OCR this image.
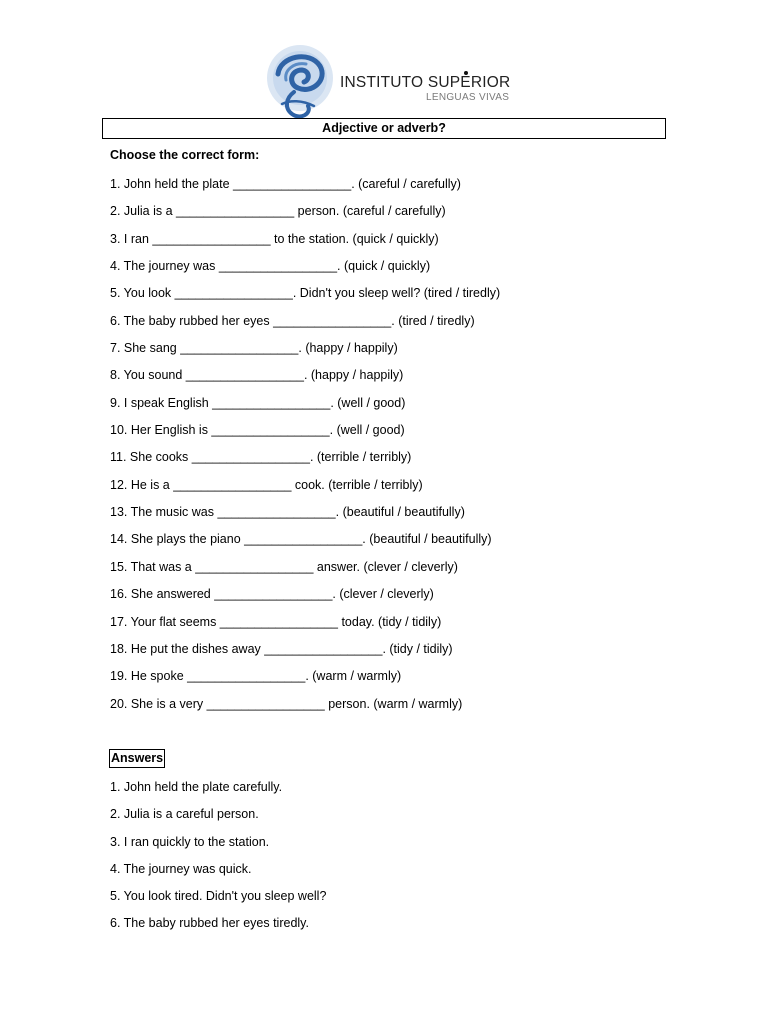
INSTITUTO SUPERIOR
LENGUAS VIVAS
Adjective or adverb?
Choose the correct form:
1. John held the plate _________________. (careful / carefully)
2. Julia is a _________________ person. (careful / carefully)
3. I ran _________________ to the station. (quick / quickly)
4. The journey was _________________. (quick / quickly)
5. You look _________________. Didn't you sleep well? (tired / tiredly)
6. The baby rubbed her eyes _________________. (tired / tiredly)
7. She sang _________________. (happy / happily)
8. You sound _________________. (happy / happily)
9. I speak English _________________. (well / good)
10. Her English is _________________. (well / good)
11. She cooks _________________. (terrible / terribly)
12. He is a _________________ cook. (terrible / terribly)
13. The music was _________________. (beautiful / beautifully)
14. She plays the piano _________________. (beautiful / beautifully)
15. That was a _________________ answer. (clever / cleverly)
16. She answered _________________. (clever / cleverly)
17. Your flat seems _________________ today. (tidy / tidily)
18. He put the dishes away _________________. (tidy / tidily)
19. He spoke _________________. (warm / warmly)
20. She is a very _________________ person. (warm / warmly)
Answers
1. John held the plate carefully.
2. Julia is a careful person.
3. I ran quickly to the station.
4. The journey was quick.
5. You look tired. Didn't you sleep well?
6. The baby rubbed her eyes tiredly.
